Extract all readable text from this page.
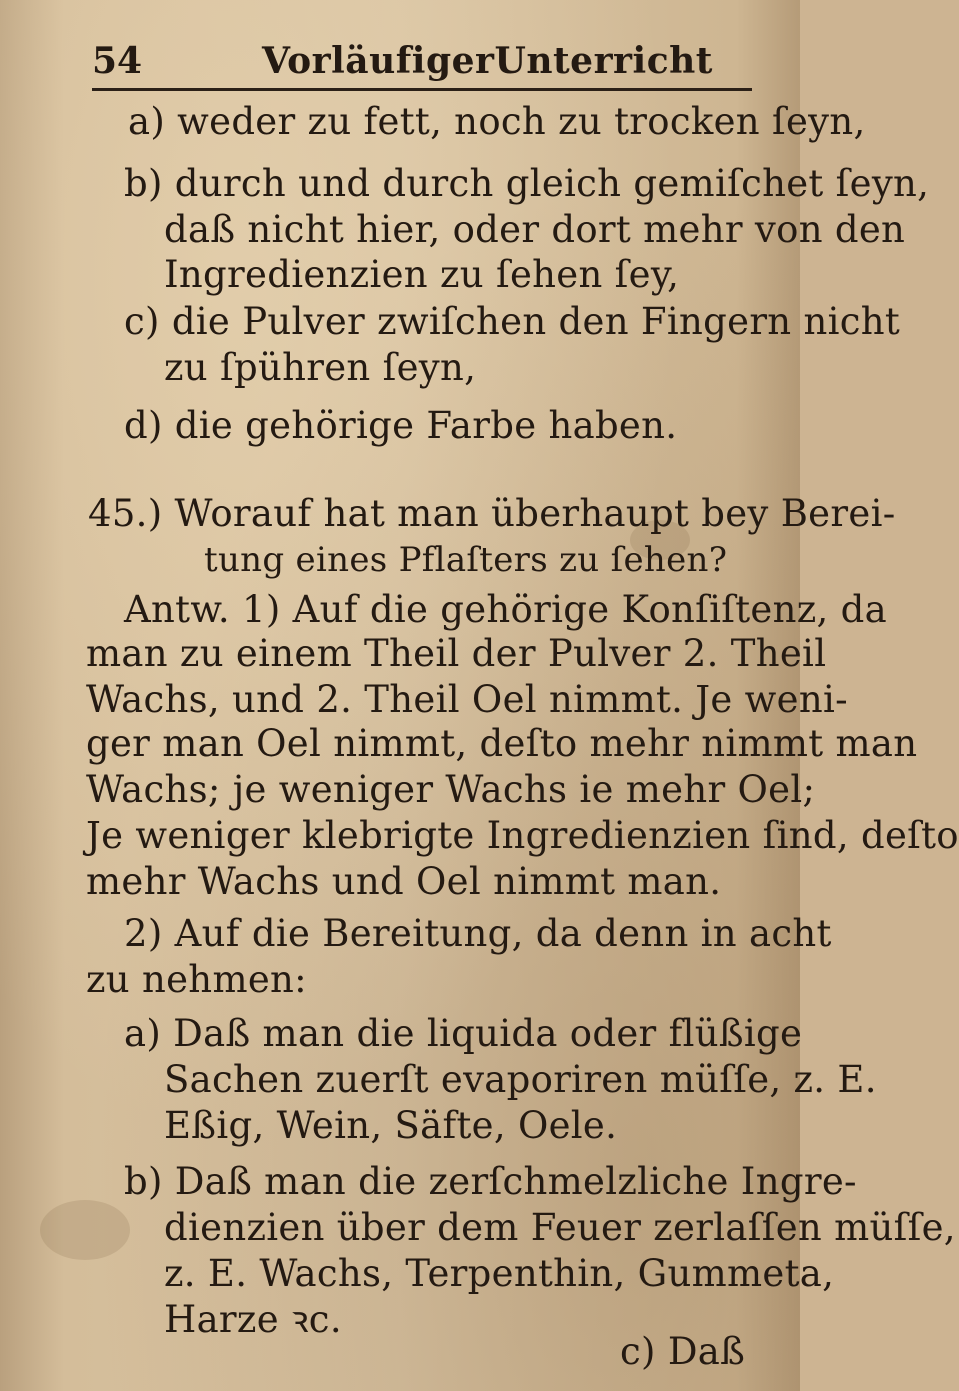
54	VorläufigerUnterricht
a) weder zu fett, noch zu trocken ſeyn,
b) durch und durch gleich gemiſchet ſeyn,
daß nicht hier, oder dort mehr von den
Ingredienzien zu ſehen ſey,
c) die Pulver zwiſchen den Fingern nicht
zu ſpühren ſeyn,
d) die gehörige Farbe haben.
45.) Worauf hat man überhaupt bey Berei-
tung eines Pflaſters zu ſehen?
Antw. 1) Auf die gehörige Konſiſtenz, da
man zu einem Theil der Pulver 2. Theil
Wachs, und 2. Theil Oel nimmt. Je weni-
ger man Oel nimmt, deſto mehr nimmt man
Wachs; je weniger Wachs ie mehr Oel;
Je weniger klebrigte Ingredienzien ſind, deſto
mehr Wachs und Oel nimmt man.
2) Auf die Bereitung, da denn in acht
zu nehmen:
a) Daß man die liquida oder flüßige
Sachen zuerſt evaporiren müſſe, z. E.
Eßig, Wein, Säfte, Oele.
b) Daß man die zerſchmelzliche Ingre-
dienzien über dem Feuer zerlaſſen müſſe,
z. E. Wachs, Terpenthin, Gummeta,
Harze ꝛc.
c) Daß
